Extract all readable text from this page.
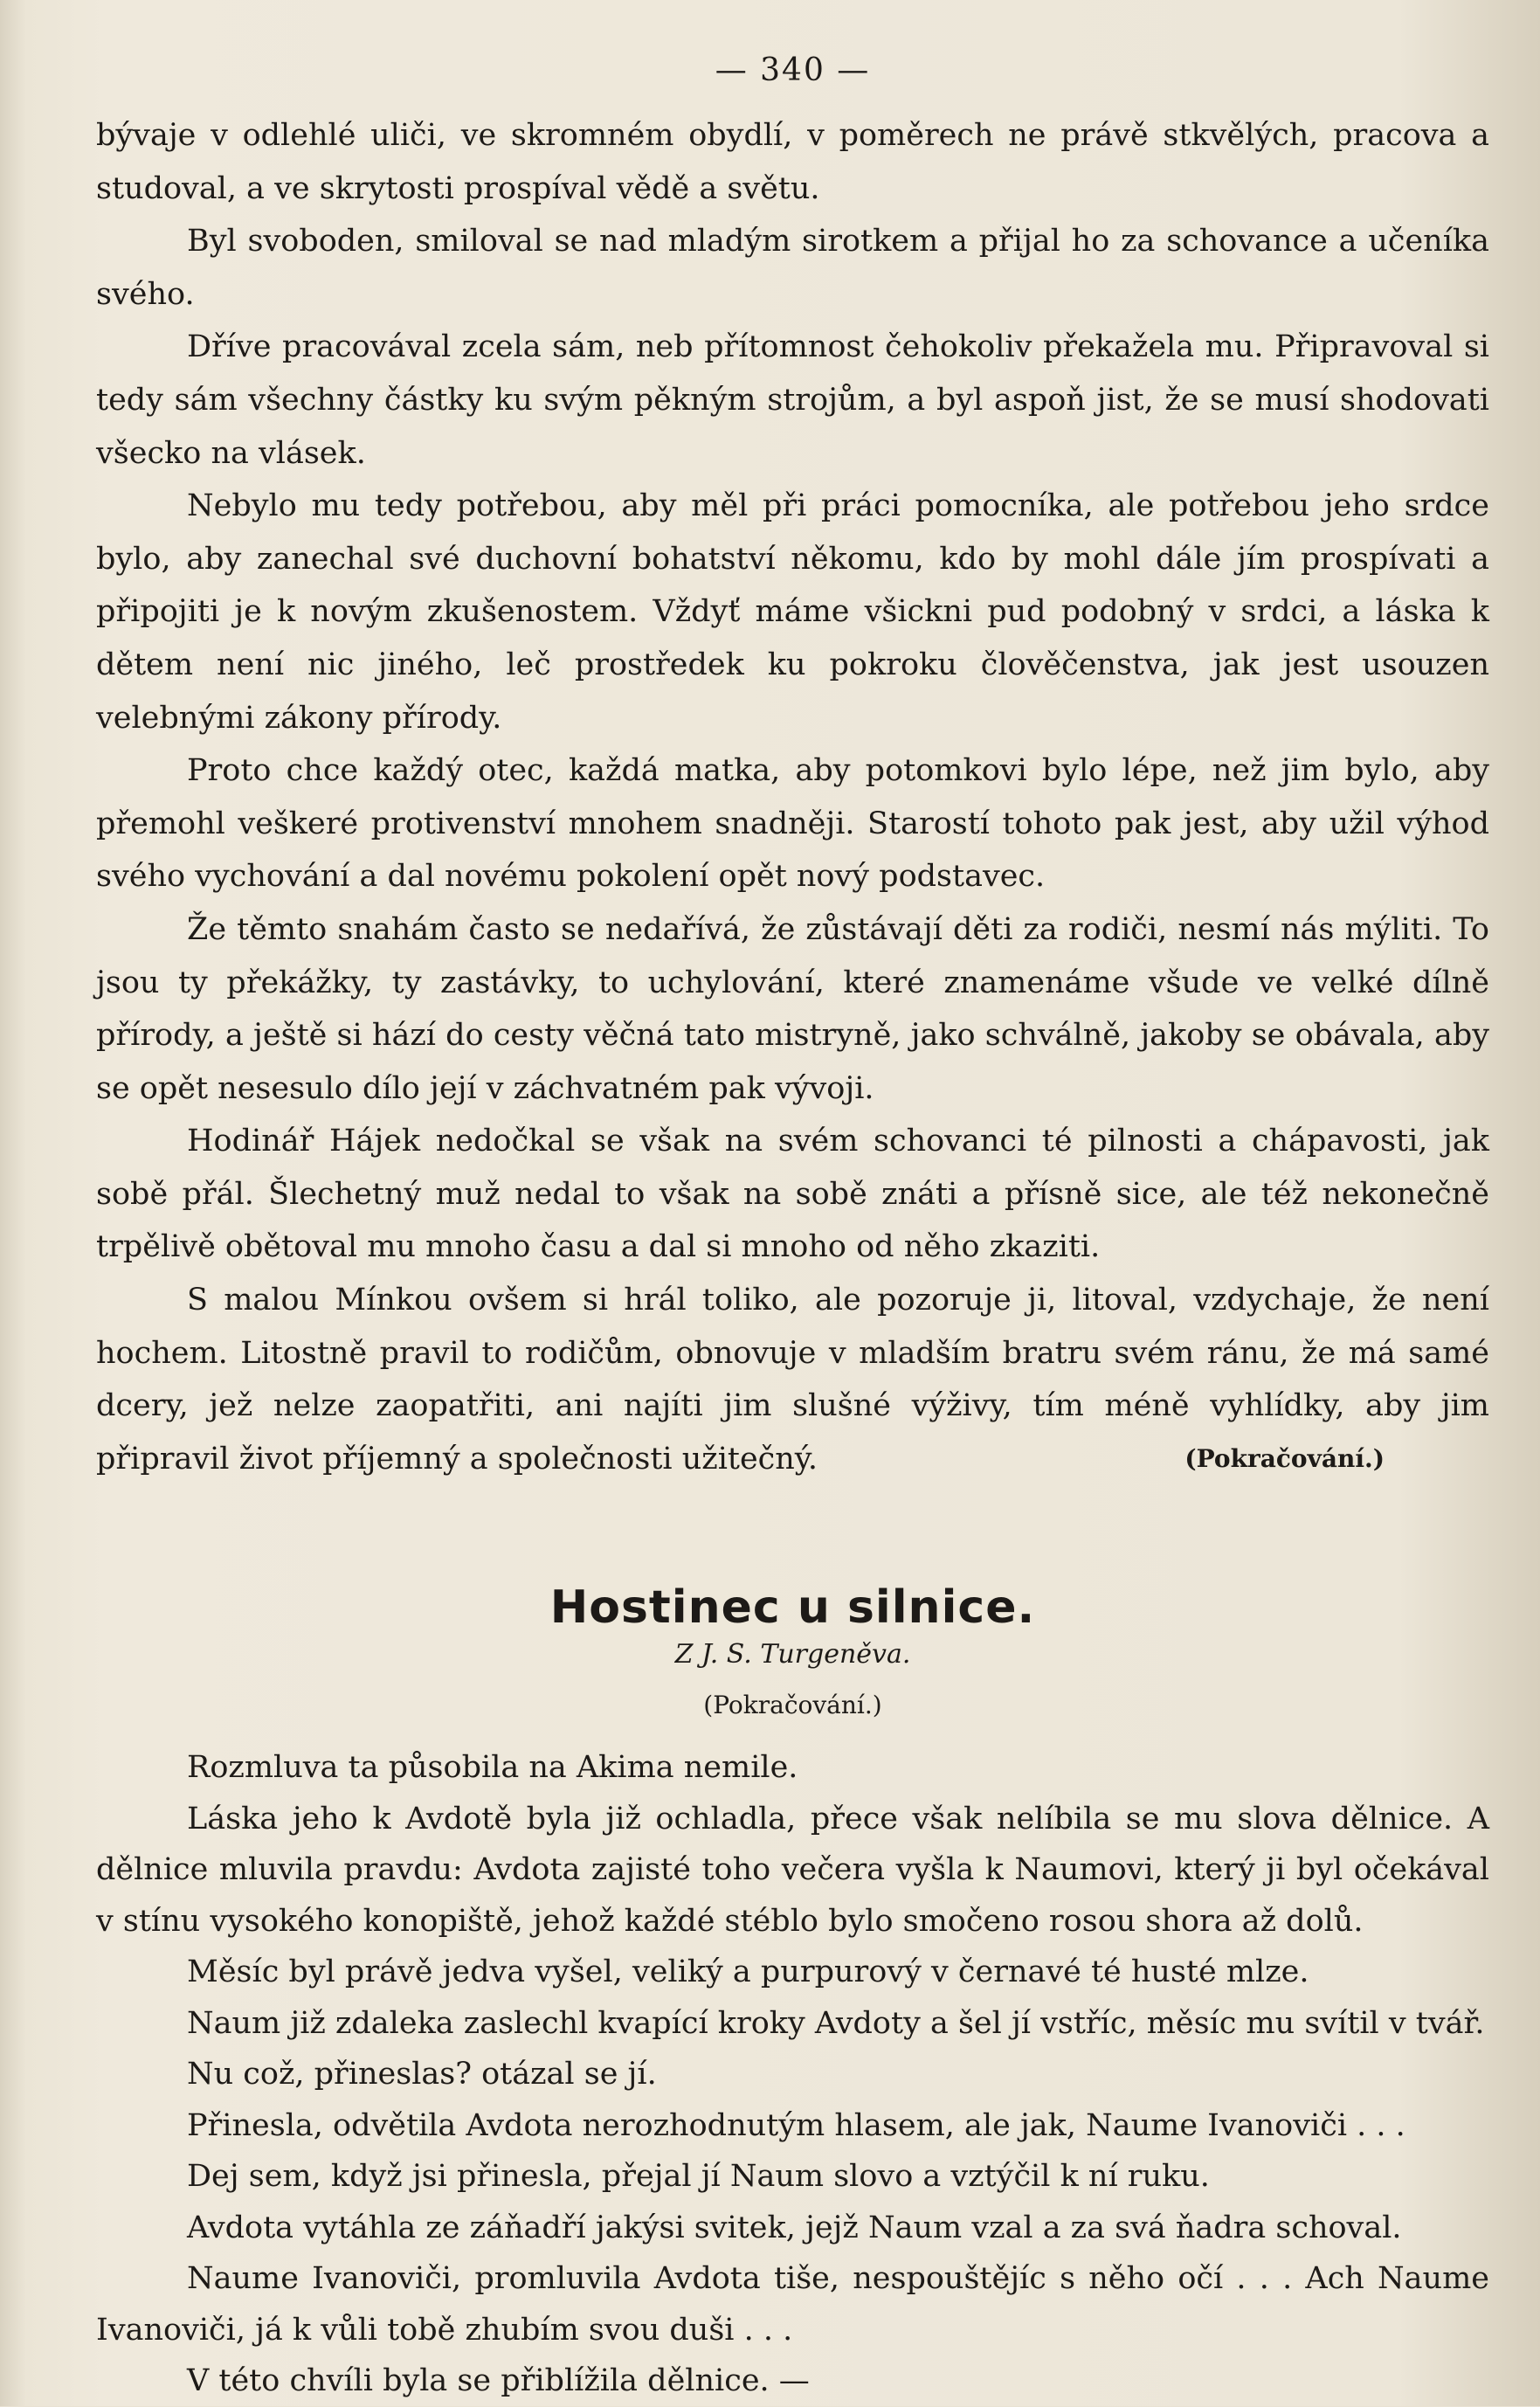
— 340 —

bývaje v odlehlé uliči, ve skromném obydlí, v poměrech ne právě stkvělých, pracova a studoval, a ve skrytosti prospíval vědě a světu.

Byl svoboden, smiloval se nad mladým sirotkem a přijal ho za schovance a učeníka svého.

Dříve pracovával zcela sám, neb přítomnost čehokoliv překažela mu. Připravoval si tedy sám všechny částky ku svým pěkným strojům, a byl aspoň jist, že se musí shodovati všecko na vlásek.

Nebylo mu tedy potřebou, aby měl při práci pomocníka, ale potřebou jeho srdce bylo, aby zanechal své duchovní bohatství někomu, kdo by mohl dále jím prospívati a připojiti je k novým zkušenostem. Vždyť máme všickni pud podobný v srdci, a láska k dětem není nic jiného, leč prostředek ku pokroku člověčenstva, jak jest usouzen velebnými zákony přírody.

Proto chce každý otec, každá matka, aby potomkovi bylo lépe, než jim bylo, aby přemohl veškeré protivenství mnohem snadněji. Starostí tohoto pak jest, aby užil výhod svého vychování a dal novému pokolení opět nový podstavec.

Že těmto snahám často se nedařívá, že zůstávají děti za rodiči, nesmí nás mýliti. To jsou ty překážky, ty zastávky, to uchylování, které znamenáme všude ve velké dílně přírody, a ještě si hází do cesty věčná tato mistryně, jako schválně, jakoby se obávala, aby se opět nesesulo dílo její v záchvatném pak vývoji.

Hodinář Hájek nedočkal se však na svém schovanci té pilnosti a chápavosti, jak sobě přál. Šlechetný muž nedal to však na sobě znáti a přísně sice, ale též nekonečně trpělivě obětoval mu mnoho času a dal si mnoho od něho zkaziti.

S malou Mínkou ovšem si hrál toliko, ale pozoruje ji, litoval, vzdychaje, že není hochem. Litostně pravil to rodičům, obnovuje v mladším bratru svém ránu, že má samé dcery, jež nelze zaopatřiti, ani najíti jim slušné výživy, tím méně vyhlídky, aby jim připravil život příjemný a společnosti užitečný.	(Pokračování.)
Hostinec u silnice.
Z J. S. Turgeněva.
(Pokračování.)

Rozmluva ta působila na Akima nemile.

Láska jeho k Avdotě byla již ochladla, přece však nelíbila se mu slova dělnice. A dělnice mluvila pravdu: Avdota zajisté toho večera vyšla k Naumovi, který ji byl očekával v stínu vysokého konopiště, jehož každé stéblo bylo smočeno rosou shora až dolů.

Měsíc byl právě jedva vyšel, veliký a purpurový v černavé té husté mlze.

Naum již zdaleka zaslechl kvapící kroky Avdoty a šel jí vstříc, měsíc mu svítil v tvář.

Nu což, přineslas? otázal se jí.

Přinesla, odvětila Avdota nerozhodnutým hlasem, ale jak, Naume Ivanoviči . . .

Dej sem, když jsi přinesla, přejal jí Naum slovo a vztýčil k ní ruku.

Avdota vytáhla ze záňadří jakýsi svitek, jejž Naum vzal a za svá ňadra schoval.

Naume Ivanoviči, promluvila Avdota tiše, nespouštějíc s něho očí . . . Ach Naume Ivanoviči, já k vůli tobě zhubím svou duši . . .

V této chvíli byla se přiblížila dělnice. —
